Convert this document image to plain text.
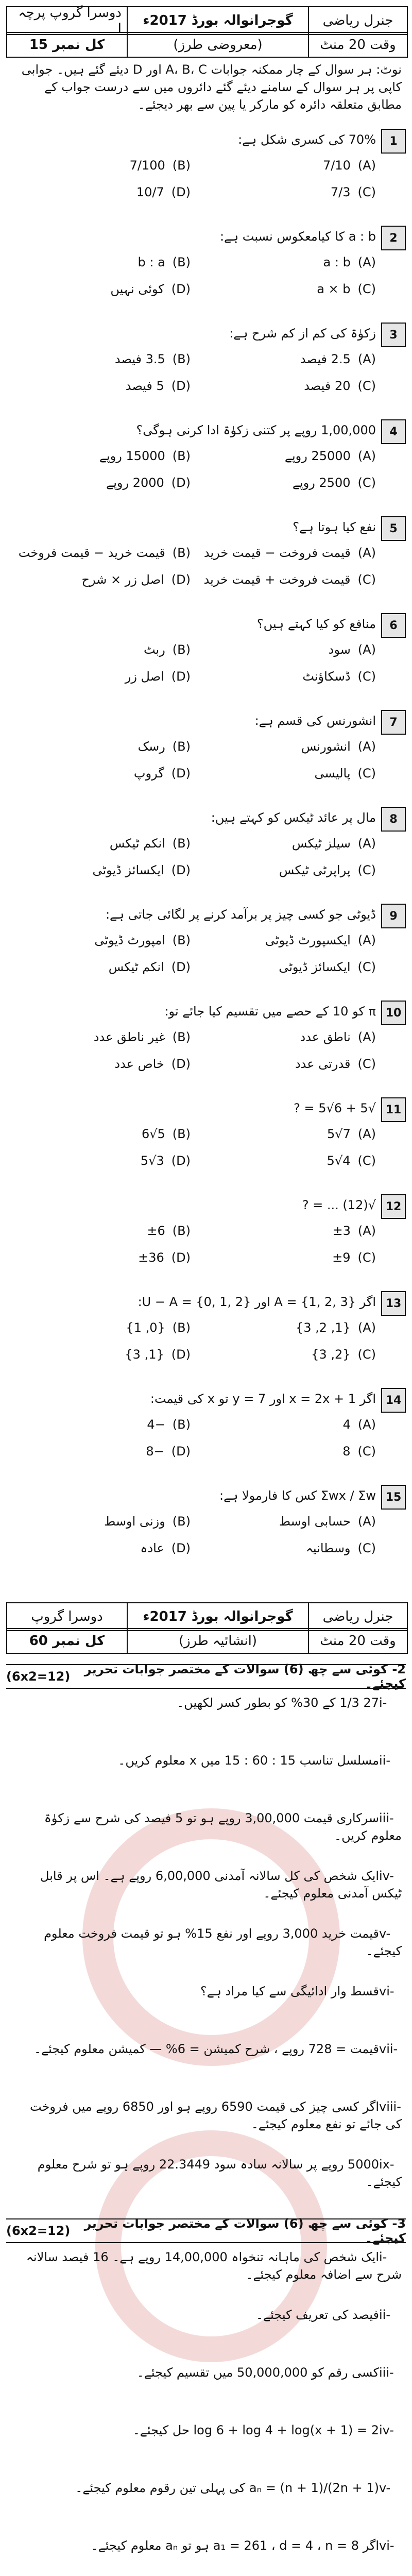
جنرل ریاضی
گوجرانوالہ بورڈ 2017ء
دوسرا گروپ پرچہ I
وقت 20 منٹ
(معروضی طرز)
کل نمبر 15
نوٹ: ہر سوال کے چار ممکنہ جوابات A، B، C اور D دیئے گئے ہیں۔ جوابی کاپی پر ہر سوال کے سامنے دیئے گئے دائروں میں سے درست جواب کے مطابق متعلقہ دائرہ کو مارکر یا پین سے بھر دیجئے۔
1
70% کی کسری شکل ہے:
(A)
7/10
(B)
7/100
(C)
7/3
(D)
10/7
2
a : b کا کیامعکوس نسبت ہے:
(A)
a : b
(B)
b : a
(C)
a × b
(D)
کوئی نہیں
3
زکوٰۃ کی کم از کم شرح ہے:
(A)
2.5 فیصد
(B)
3.5 فیصد
(C)
20 فیصد
(D)
5 فیصد
4
1,00,000 روپے پر کتنی زکوٰۃ ادا کرنی ہوگی؟
(A)
25000 روپے
(B)
15000 روپے
(C)
2500 روپے
(D)
2000 روپے
5
نفع کیا ہوتا ہے؟
(A)
قیمت فروخت − قیمت خرید
(B)
قیمت خرید − قیمت فروخت
(C)
قیمت فروخت + قیمت خرید
(D)
اصل زر × شرح
6
منافع کو کیا کہتے ہیں؟
(A)
سود
(B)
ربٹ
(C)
ڈسکاؤنٹ
(D)
اصل زر
7
انشورنس کی قسم ہے:
(A)
انشورنس
(B)
رسک
(C)
پالیسی
(D)
گروپ
8
مال پر عائد ٹیکس کو کہتے ہیں:
(A)
سیلز ٹیکس
(B)
انکم ٹیکس
(C)
پراپرٹی ٹیکس
(D)
ایکسائز ڈیوٹی
9
ڈیوٹی جو کسی چیز پر برآمد کرنے پر لگائی جاتی ہے:
(A)
ایکسپورٹ ڈیوٹی
(B)
امپورٹ ڈیوٹی
(C)
ایکسائز ڈیوٹی
(D)
انکم ٹیکس
10
π کو 10 کے حصے میں تقسیم کیا جائے تو:
(A)
ناطق عدد
(B)
غیر ناطق عدد
(C)
قدرتی عدد
(D)
خاص عدد
11
√5 + 6√5 = ?
(A)
7√5
(B)
5√6
(C)
4√5
(D)
3√5
12
√(12) ... = ?
(A)
±3
(B)
±6
(C)
±9
(D)
±36
13
اگر A = {1, 2, 3} اور U − A = {0, 1, 2}:
(A)
{1, 2, 3}
(B)
{0, 1}
(C)
{2, 3}
(D)
{1, 3}
14
اگر x = 2x + 1 اور y = 7 تو x کی قیمت:
(A)
4
(B)
−4
(C)
8
(D)
−8
15
Σwx / Σw کس کا فارمولا ہے:
(A)
حسابی اوسط
(B)
وزنی اوسط
(C)
وسطانیہ
(D)
عادہ
جنرل ریاضی
گوجرانوالہ بورڈ 2017ء
دوسرا گروپ
وقت 20 منٹ
(انشائیہ طرز)
کل نمبر 60
2- کوئی سے چھ (6) سوالات کے مختصر جوابات تحریر کیجئے۔
(6x2=12)
i-27 1/3 کے 30% کو بطور کسر لکھیں۔
ii-مسلسل تناسب 15 : 60 : 15 میں x معلوم کریں۔
iii-سرکاری قیمت 3,00,000 روپے ہو تو 5 فیصد کی شرح سے زکوٰۃ معلوم کریں۔
iv-ایک شخص کی کل سالانہ آمدنی 6,00,000 روپے ہے۔ اس پر قابل ٹیکس آمدنی معلوم کیجئے۔
v-قیمت خرید 3,000 روپے اور نفع 15% ہو تو قیمت فروخت معلوم کیجئے۔
vi-قسط وار ادائیگی سے کیا مراد ہے؟
vii-قیمت = 728 روپے ، شرح کمیشن = 6% — کمیشن معلوم کیجئے۔
viii-اگر کسی چیز کی قیمت 6590 روپے ہو اور 6850 روپے میں فروخت کی جائے تو نفع معلوم کیجئے۔
ix-5000 روپے پر سالانہ سادہ سود 22.3449 روپے ہو تو شرح معلوم کیجئے۔
3- کوئی سے چھ (6) سوالات کے مختصر جوابات تحریر کیجئے۔
(6x2=12)
i-ایک شخص کی ماہانہ تنخواہ 14,00,000 روپے ہے۔ 16 فیصد سالانہ شرح سے اضافہ معلوم کیجئے۔
ii-فیصد کی تعریف کیجئے۔
iii-کسی رقم کو 50,000,000 میں تقسیم کیجئے۔
iv-log 6 + log 4 + log(x + 1) = 2 حل کیجئے۔
v-aₙ = (n + 1)/(2n + 1) کی پہلی تین رقوم معلوم کیجئے۔
vi-اگر a₁ = 261 ، d = 4 ، n = 8 ہو تو aₙ معلوم کیجئے۔
